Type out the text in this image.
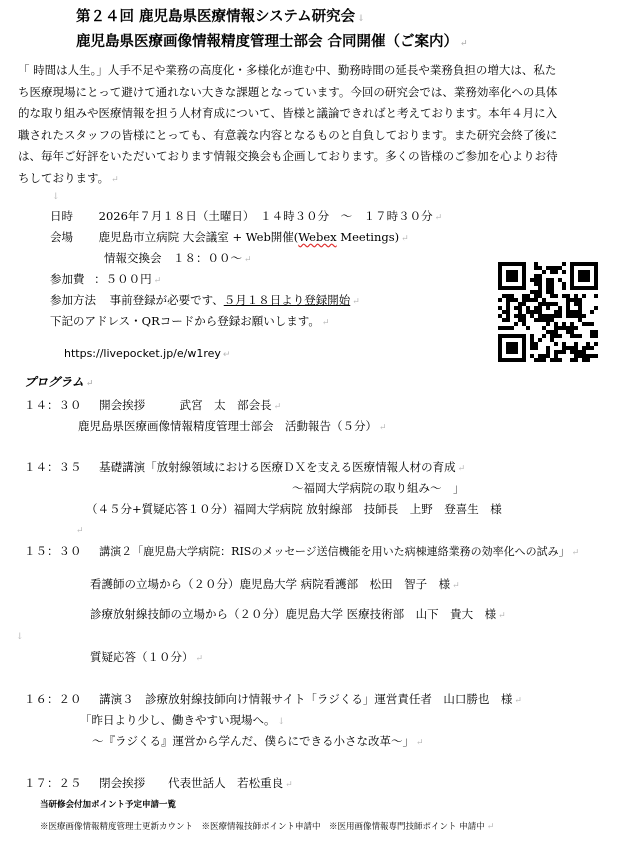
第２４回 鹿児島県医療情報システム研究会 ↓
鹿児島県医療画像情報精度管理士部会 合同開催（ご案内） ↵

「 時間は人生。」人手不足や業務の高度化・多様化が進む中、勤務時間の延長や業務負担の増大は、私た

ち医療現場にとって避けて通れない大きな課題となっています。今回の研究会では、業務効率化への具体

的な取り組みや医療情報を担う人材育成について、皆様と議論できればと考えております。本年４月に入

職されたスタッフの皆様にとっても、有意義な内容となるものと自負しております。また研究会終了後に

は、毎年ご好評をいただいております情報交換会も企画しております。多くの皆様のご参加を心よりお待

ちしております。 ↵

↓
日時 2026年７月１８日（土曜日）　１４時３０分　～　１７時３０分 ↵
会場 鹿児島市立病院 大会議室 + Web開催(Webex Meetings) ↵
情報交換会　１８：００～ ↵
参加費 ：５００円 ↵
参加方法 事前登録が必要です、５月１８日より登録開始 ↵
下記のアドレス・QRコードから登録お願いします。 ↵
https://livepocket.jp/e/w1rey ↵
プログラム ↵
１４：３０ 開会挨拶　　　武宮　太　部会長 ↵
鹿児島県医療画像情報精度管理士部会　活動報告（５分） ↵
１４：３５ 基礎講演「放射線領域における医療ＤＸを支える医療情報人材の育成 ↵
～福岡大学病院の取り組み～　」
（４５分+質疑応答１０分）福岡大学病院 放射線部　技師長　上野　登喜生　様
↵
１５：３０ 講演２「鹿児島大学病院：RISのメッセージ送信機能を用いた病棟連絡業務の効率化への試み」 ↵
看護師の立場から（２０分）鹿児島大学 病院看護部　松田　智子　様 ↵
診療放射線技師の立場から（２０分）鹿児島大学 医療技術部　山下　貴大　様 ↵
↓
質疑応答（１０分） ↵
１６：２０ 講演３　診療放射線技師向け情報サイト「ラジくる」運営責任者　山口勝也　様 ↵
「昨日より少し、働きやすい現場へ。 ↓
～『ラジくる』運営から学んだ、僕らにできる小さな改革～」 ↵
１７：２５ 閉会挨拶　　代表世話人　若松重良 ↵
当研修会付加ポイント予定申請一覧
※医療画像情報精度管理士更新カウント　※医療情報技師ポイント申請中　※医用画像情報専門技師ポイント 申請中 ↵
